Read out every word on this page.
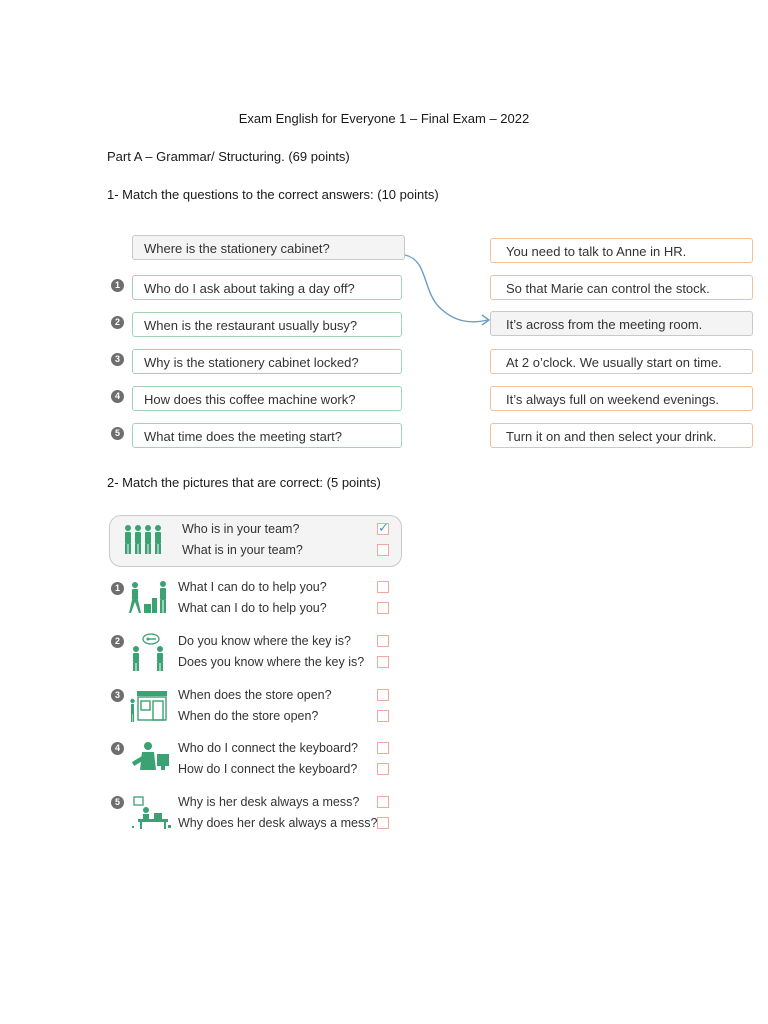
Exam English for Everyone 1 – Final Exam – 2022
Part A – Grammar/ Structuring. (69 points)
1- Match the questions to the correct answers: (10 points)
Where is the stationery cabinet?
1	Who do I ask about taking a day off?
2	When is the restaurant usually busy?
3	Why is the stationery cabinet locked?
4	How does this coffee machine work?
5	What time does the meeting start?
You need to talk to Anne in HR.
So that Marie can control the stock.
It’s across from the meeting room.
At 2 o’clock. We usually start on time.
It’s always full on weekend evenings.
Turn it on and then select your drink.
2- Match the pictures that are correct: (5 points)
Who is in your team?
What is in your team?
✓
1	What I can do to help you?
What can I do to help you?
2	Do you know where the key is?
Does you know where the key is?
3	When does the store open?
When do the store open?
4	Who do I connect the keyboard?
How do I connect the keyboard?
5	Why is her desk always a mess?
Why does her desk always a mess?
